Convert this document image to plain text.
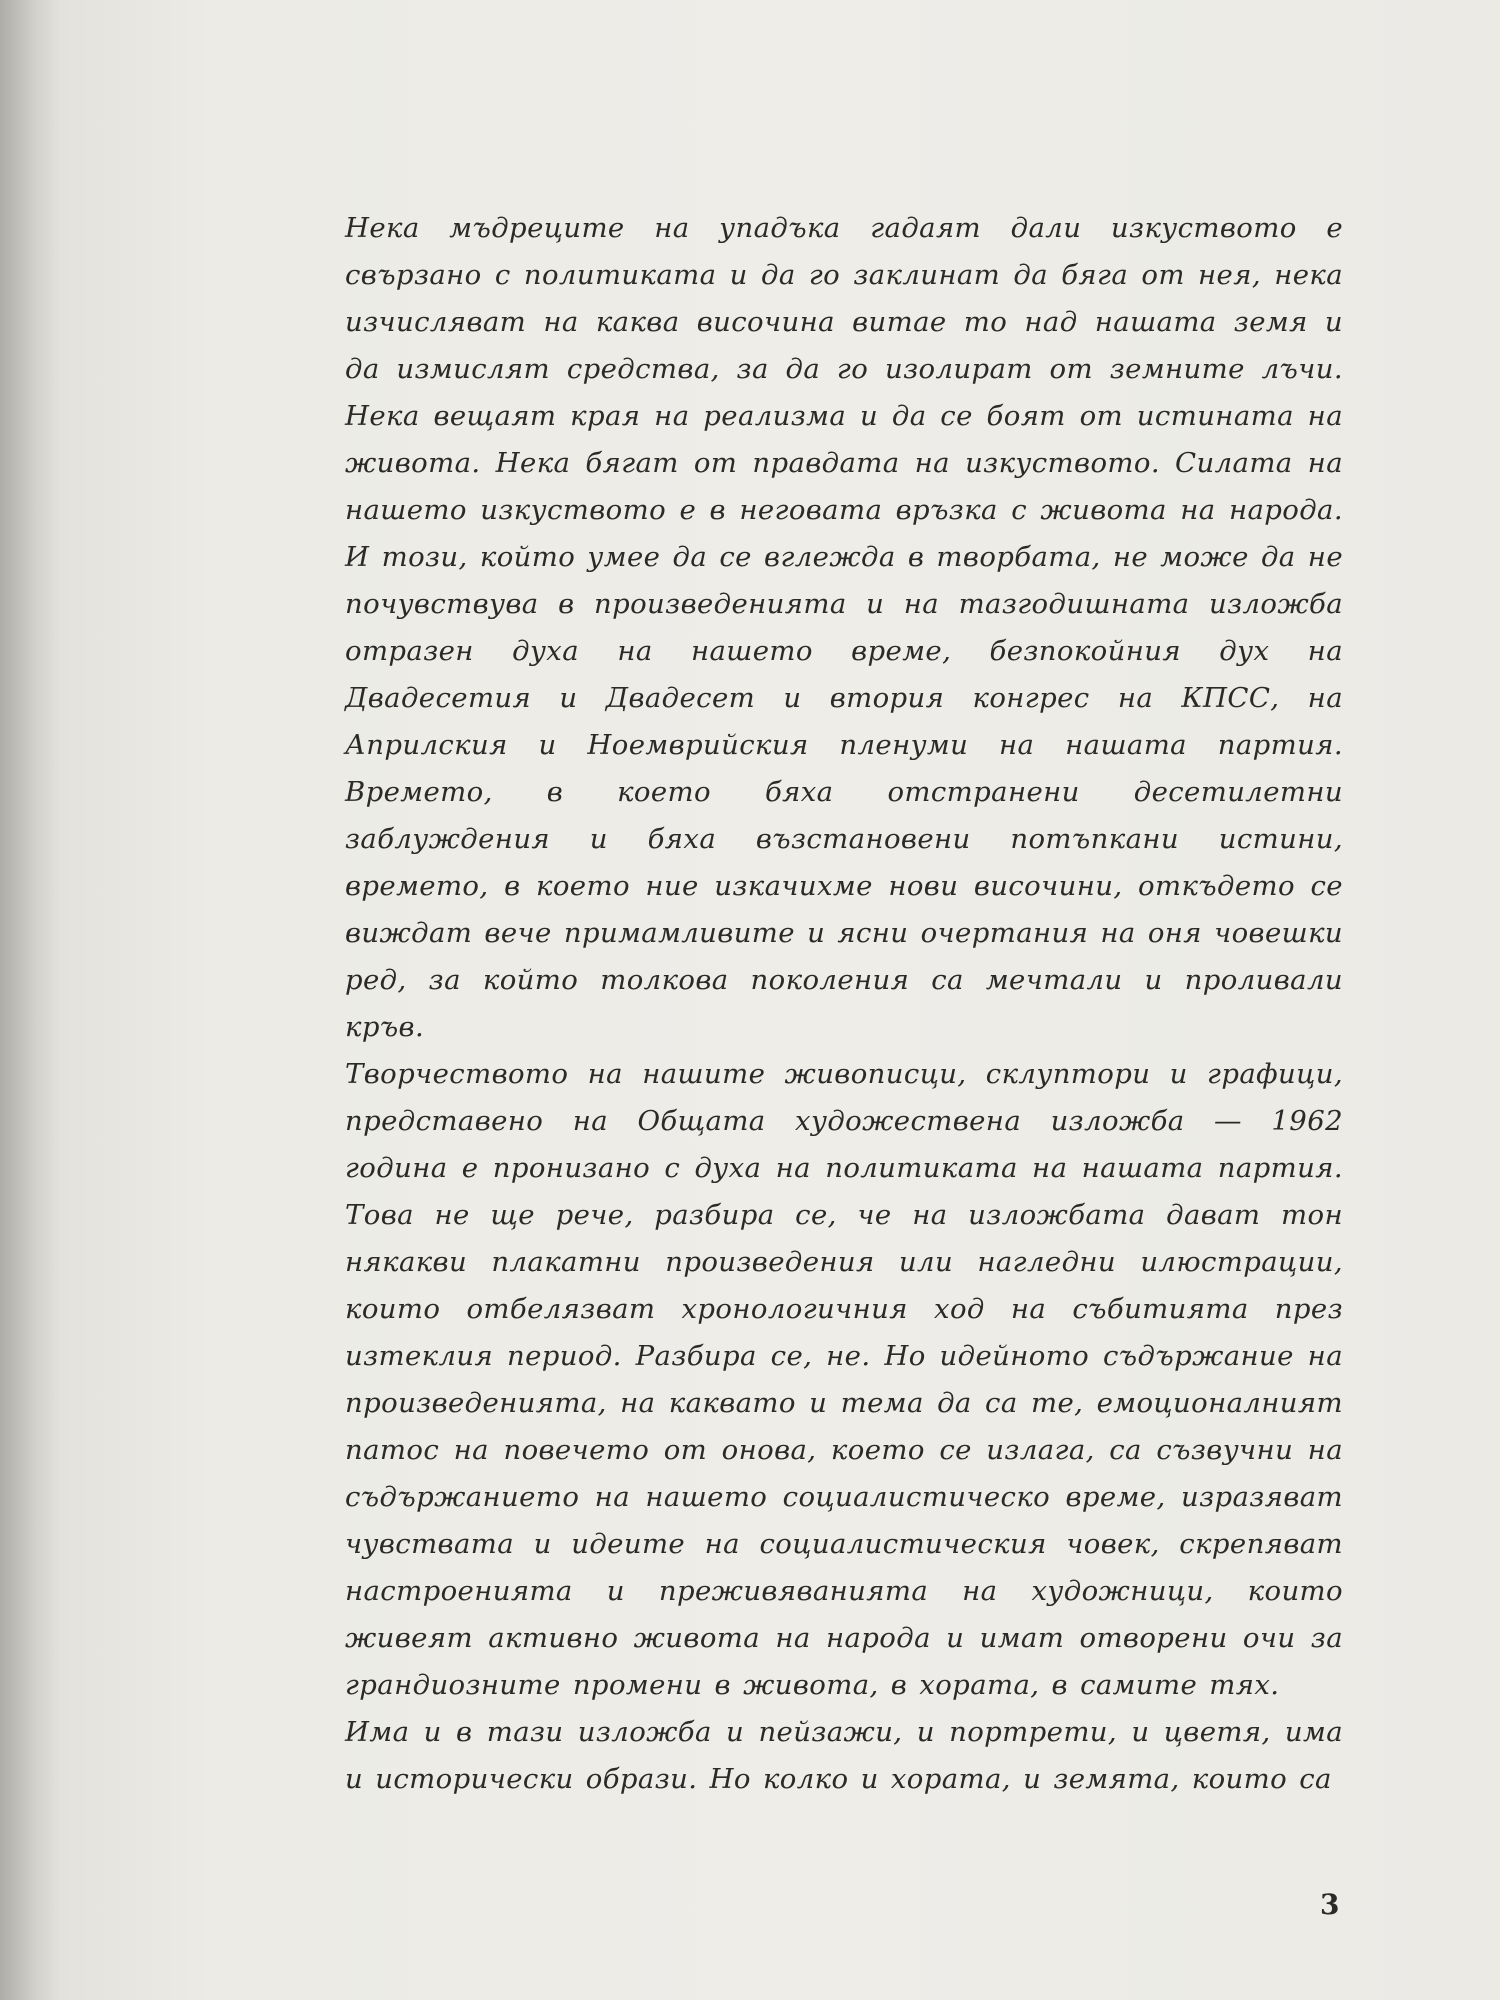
Нека мъдреците на упадъка гадаят дали изкуството е свързано с политиката и да го заклинат да бяга от нея, нека изчисляват на каква височина витае то над нашата земя и да измислят средства, за да го изолират от земните лъчи. Нека вещаят края на реализма и да се боят от истината на живота. Нека бягат от правдата на изкуството. Силата на нашето изкуството е в неговата връзка с живота на народа. И този, който умее да се вглежда в творбата, не може да не почувствува в произведенията и на тазгодишната изложба отразен духа на нашето време, безпокойния дух на Двадесетия и Двадесет и втория конгрес на КПСС, на Априлския и Ноемврийския пленуми на нашата партия. Времето, в което бяха отстранени десетилетни заблуждения и бяха възстановени потъпкани истини, времето, в което ние изкачихме нови височини, откъдето се виждат вече примамливите и ясни очертания на оня човешки ред, за който толкова поколения са мечтали и проливали кръв.

Творчеството на нашите живописци, склуптори и графици, представено на Общата художествена изложба — 1962 година е пронизано с духа на политиката на нашата партия. Това не ще рече, разбира се, че на изложбата дават тон някакви плакатни произведения или нагледни илюстрации, които отбелязват хронологичния ход на събитията през изтеклия период. Разбира се, не. Но идейното съдържание на произведенията, на каквато и тема да са те, емоционалният патос на повечето от онова, което се излага, са съзвучни на съдържанието на нашето социалистическо време, изразяват чувствата и идеите на социалистическия човек, скрепяват настроенията и преживяванията на художници, които живеят активно живота на народа и имат отворени очи за грандиозните промени в живота, в хората, в самите тях.

Има и в тази изложба и пейзажи, и портрети, и цветя, има и исторически образи. Но колко и хората, и земята, които са

3
